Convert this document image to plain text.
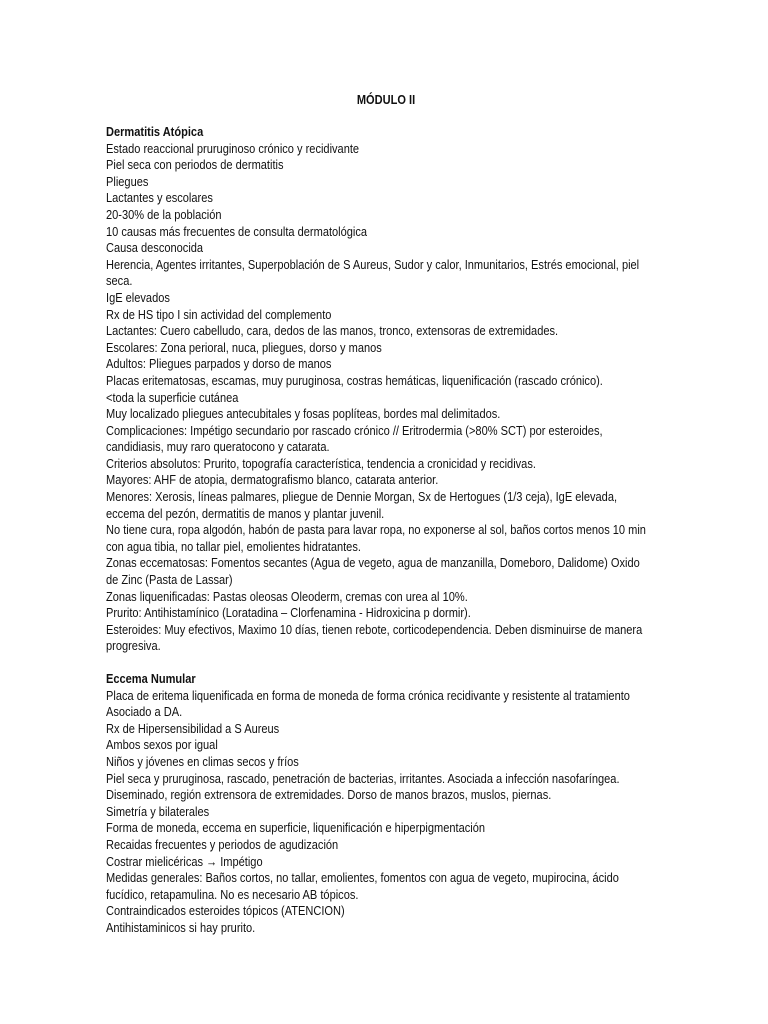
MÓDULO II
Dermatitis Atópica
Estado reaccional pruruginoso crónico y recidivante
Piel seca con periodos de dermatitis
Pliegues
Lactantes y escolares
20-30% de la población
10 causas más frecuentes de consulta dermatológica
Causa desconocida
Herencia, Agentes irritantes, Superpoblación de S Aureus, Sudor y calor, Inmunitarios, Estrés emocional, piel
seca.
IgE elevados
Rx de HS tipo I sin actividad del complemento
Lactantes: Cuero cabelludo, cara, dedos de las manos, tronco, extensoras de extremidades.
Escolares: Zona perioral, nuca, pliegues, dorso y manos
Adultos: Pliegues parpados y dorso de manos
Placas eritematosas, escamas, muy puruginosa, costras hemáticas, liquenificación (rascado crónico).
<toda la superficie cutánea
Muy localizado pliegues antecubitales y fosas poplíteas, bordes mal delimitados.
Complicaciones: Impétigo secundario por rascado crónico // Eritrodermia (>80% SCT) por esteroides,
candidiasis, muy raro queratocono y catarata.
Criterios absolutos: Prurito, topografía característica, tendencia a cronicidad y recidivas.
Mayores: AHF de atopia, dermatografismo blanco, catarata anterior.
Menores: Xerosis, líneas palmares, pliegue de Dennie Morgan, Sx de Hertogues (1/3 ceja), IgE elevada,
eccema del pezón, dermatitis de manos y plantar juvenil.
No tiene cura, ropa algodón, habón de pasta para lavar ropa, no exponerse al sol, baños cortos menos 10 min
con agua tibia, no tallar piel, emolientes hidratantes.
Zonas eccematosas: Fomentos secantes (Agua de vegeto, agua de manzanilla, Domeboro, Dalidome) Oxido
de Zinc (Pasta de Lassar)
Zonas liquenificadas: Pastas oleosas Oleoderm, cremas con urea al 10%.
Prurito: Antihistamínico (Loratadina – Clorfenamina - Hidroxicina p dormir).
Esteroides: Muy efectivos, Maximo 10 días, tienen rebote, corticodependencia. Deben disminuirse de manera
progresiva.
Eccema Numular
Placa de eritema liquenificada en forma de moneda de forma crónica recidivante y resistente al tratamiento
Asociado a DA.
Rx de Hipersensibilidad a S Aureus
Ambos sexos por igual
Niños y jóvenes en climas secos y fríos
Piel seca y pruruginosa, rascado, penetración de bacterias, irritantes. Asociada a infección nasofaríngea.
Diseminado, región extrensora de extremidades. Dorso de manos brazos, muslos, piernas.
Simetría y bilaterales
Forma de moneda, eccema en superficie, liquenificación e hiperpigmentación
Recaidas frecuentes y periodos de agudización
Costrar mielicéricas → Impétigo
Medidas generales: Baños cortos, no tallar, emolientes, fomentos con agua de vegeto, mupirocina, ácido
fucídico, retapamulina. No es necesario AB tópicos.
Contraindicados esteroides tópicos (ATENCION)
Antihistaminicos si hay prurito.
